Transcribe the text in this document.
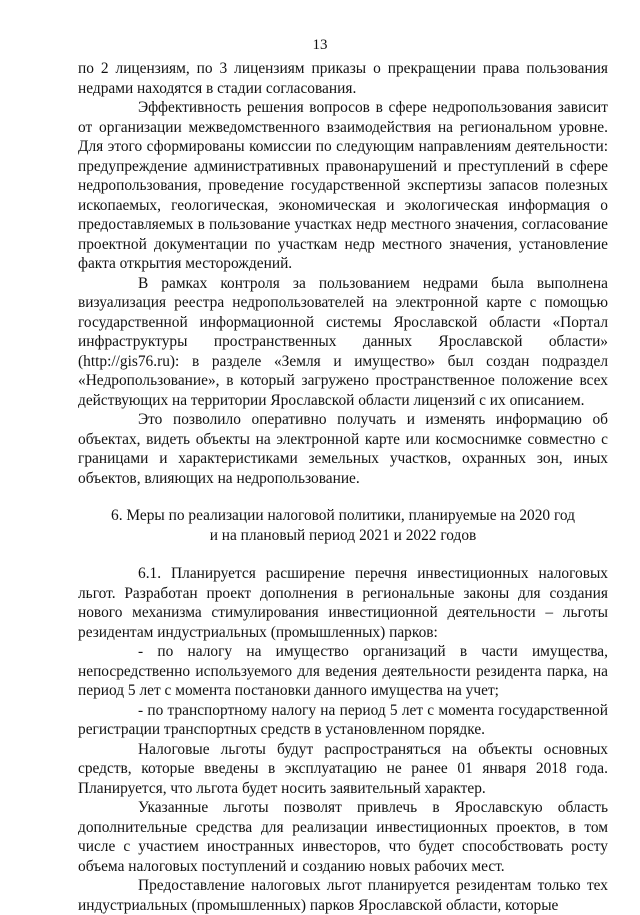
13

по 2 лицензиям, по 3 лицензиям приказы о прекращении права пользования недрами находятся в стадии согласования.

Эффективность решения вопросов в сфере недропользования зависит от организации межведомственного взаимодействия на региональном уровне. Для этого сформированы комиссии по следующим направлениям деятельности: предупреждение административных правонарушений и преступлений в сфере недропользования, проведение государственной экспертизы запасов полезных ископаемых, геологическая, экономическая и экологическая информация о предоставляемых в пользование участках недр местного значения, согласование проектной документации по участкам недр местного значения, установление факта открытия месторождений.

В рамках контроля за пользованием недрами была выполнена визуализация реестра недропользователей на электронной карте с помощью государственной информационной системы Ярославской области «Портал инфраструктуры пространственных данных Ярославской области» (http://gis76.ru): в разделе «Земля и имущество» был создан подраздел «Недропользование», в который загружено пространственное положение всех действующих на территории Ярославской области лицензий с их описанием.

Это позволило оперативно получать и изменять информацию об объектах, видеть объекты на электронной карте или космоснимке совместно с границами и характеристиками земельных участков, охранных зон, иных объектов, влияющих на недропользование.

6. Меры по реализации налоговой политики, планируемые на 2020 год
и на плановый период 2021 и 2022 годов

6.1. Планируется расширение перечня инвестиционных налоговых льгот. Разработан проект дополнения в региональные законы для создания нового механизма стимулирования инвестиционной деятельности – льготы резидентам индустриальных (промышленных) парков:

- по налогу на имущество организаций в части имущества, непосредственно используемого для ведения деятельности резидента парка, на период 5 лет с момента постановки данного имущества на учет;

- по транспортному налогу на период 5 лет с момента государственной регистрации транспортных средств в установленном порядке.

Налоговые льготы будут распространяться на объекты основных средств, которые введены в эксплуатацию не ранее 01 января 2018 года. Планируется, что льгота будет носить заявительный характер.

Указанные льготы позволят привлечь в Ярославскую область дополнительные средства для реализации инвестиционных проектов, в том числе с участием иностранных инвесторов, что будет способствовать росту объема налоговых поступлений и созданию новых рабочих мест.

Предоставление налоговых льгот планируется резидентам только тех индустриальных (промышленных) парков Ярославской области, которые
